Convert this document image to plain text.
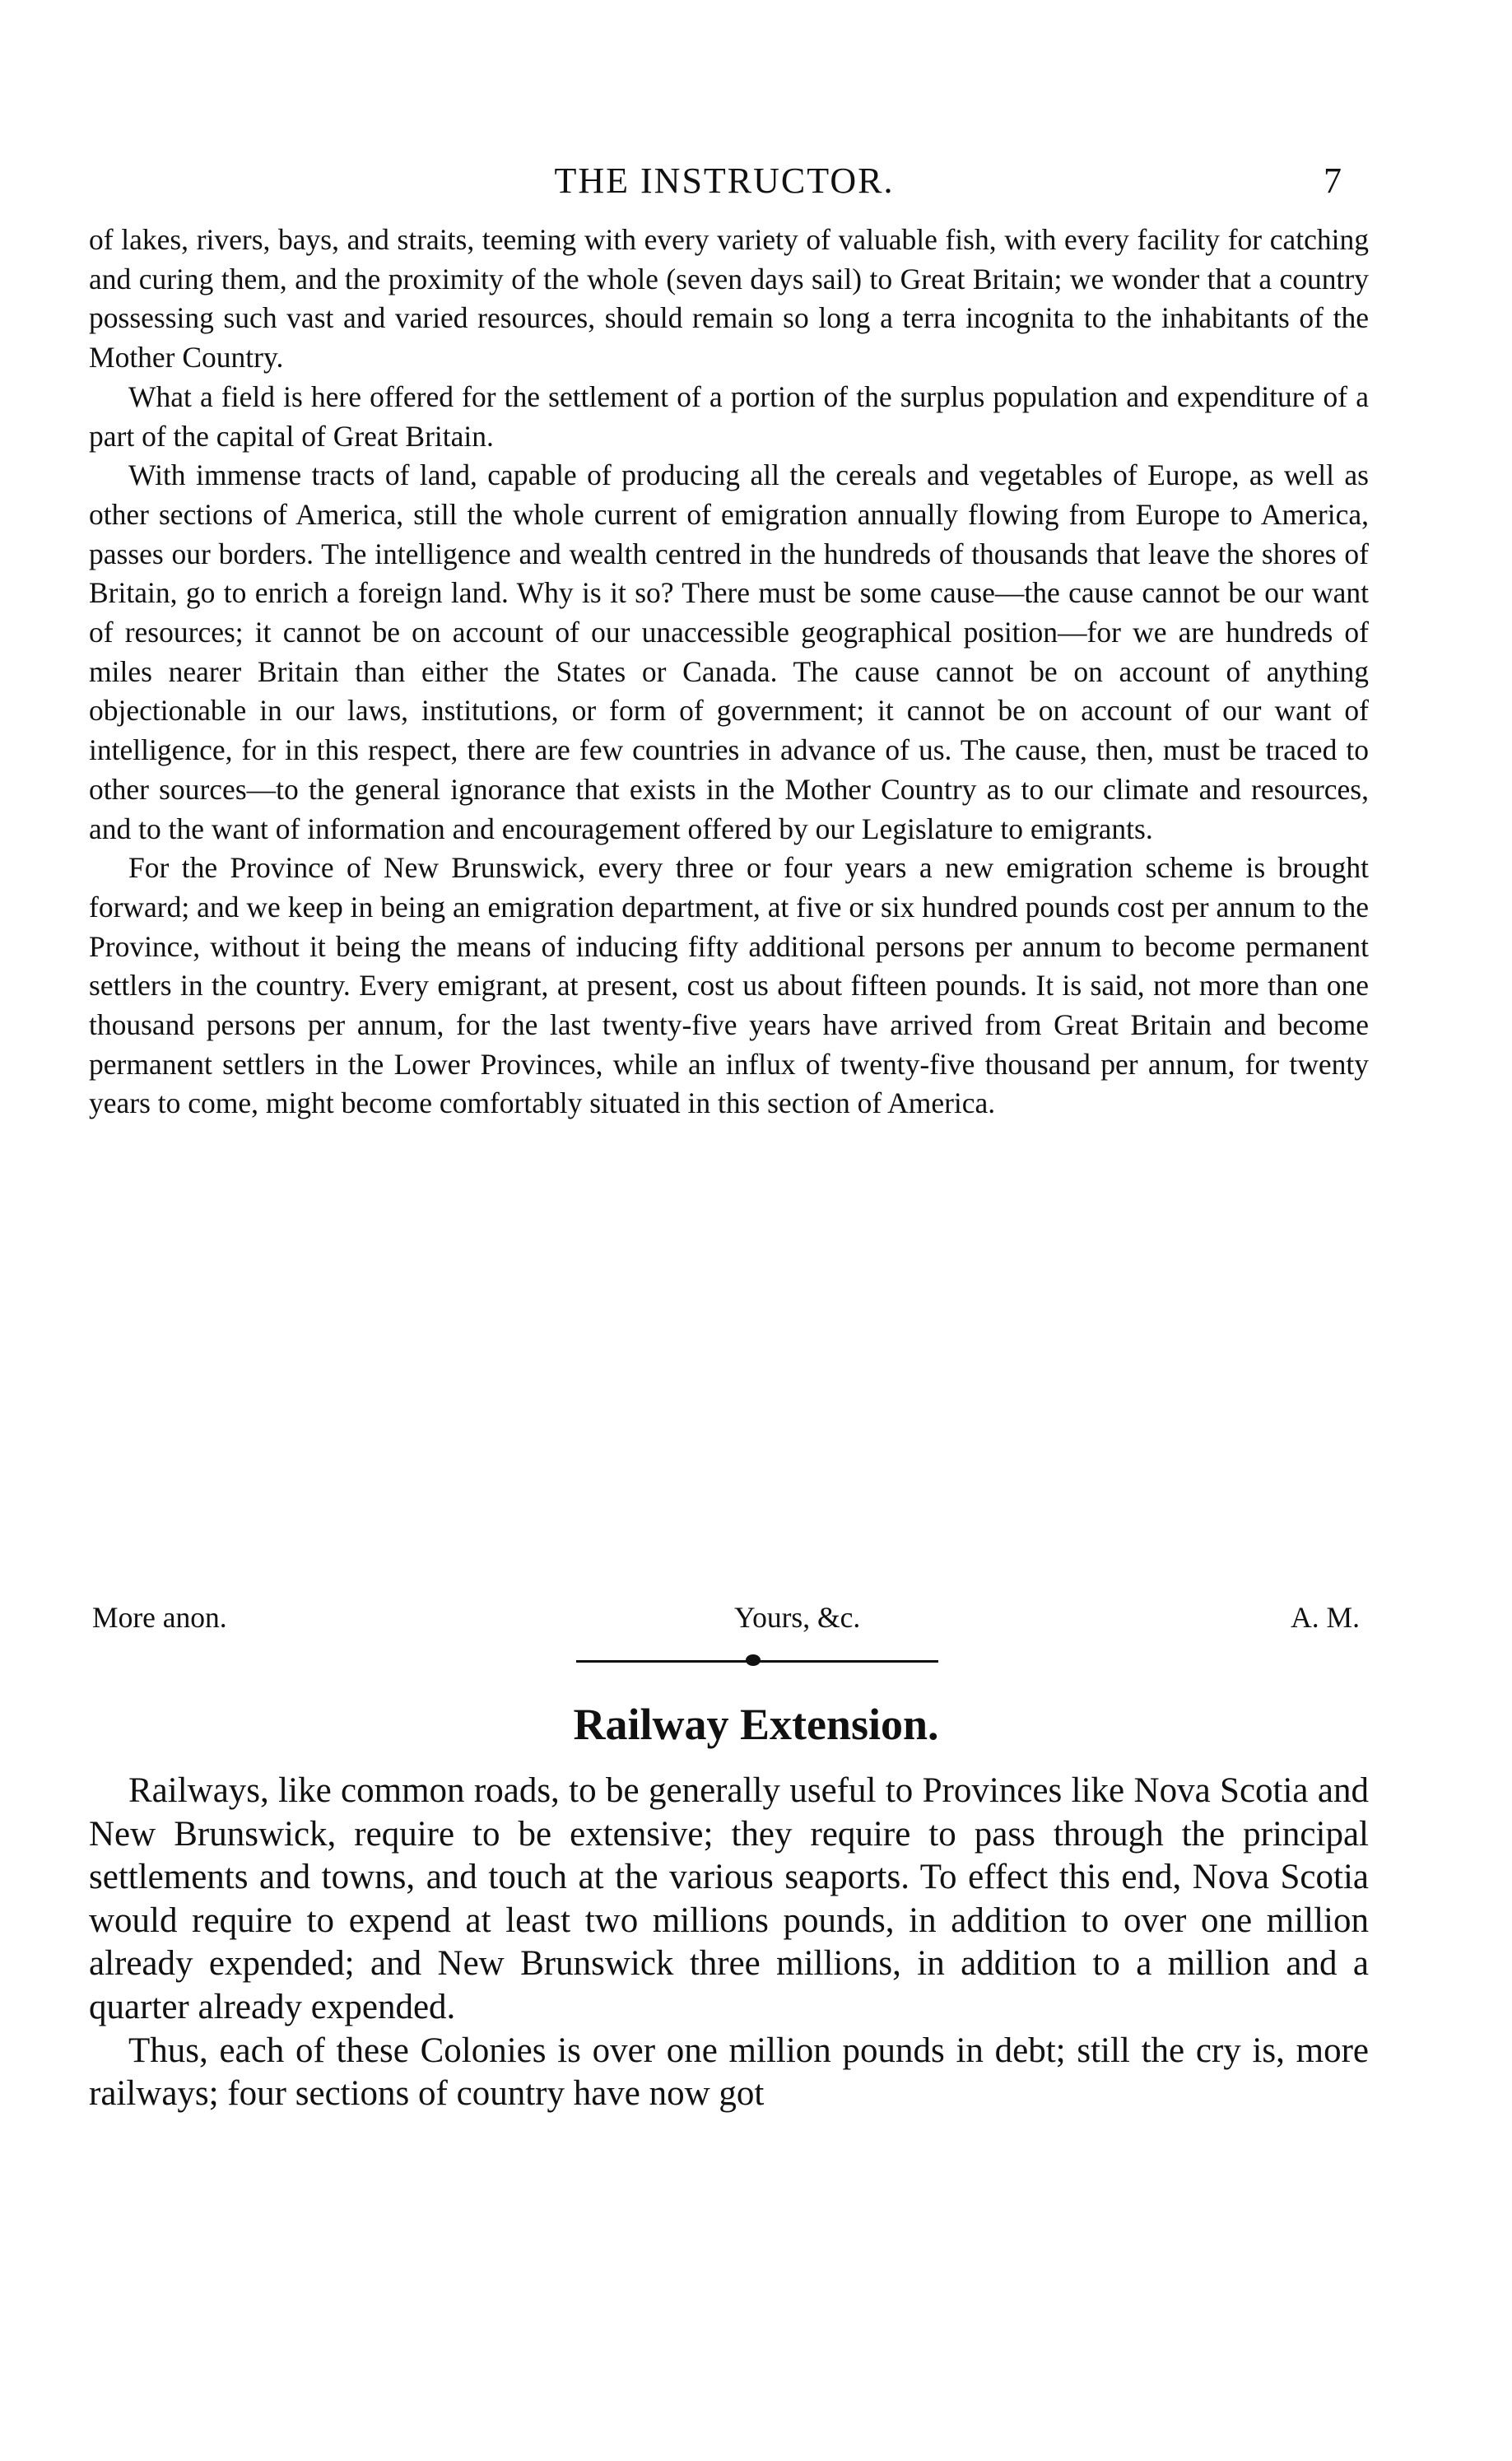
THE INSTRUCTOR.	7

of lakes, rivers, bays, and straits, teeming with every variety of valuable fish, with every facility for catching and curing them, and the proximity of the whole (seven days sail) to Great Britain; we wonder that a country possessing such vast and varied resources, should remain so long a terra incognita to the inhabitants of the Mother Country.

What a field is here offered for the settlement of a portion of the surplus population and expenditure of a part of the capital of Great Britain.

With immense tracts of land, capable of producing all the cereals and vegetables of Europe, as well as other sections of America, still the whole current of emigration annually flowing from Europe to America, passes our borders. The intelligence and wealth centred in the hundreds of thousands that leave the shores of Britain, go to enrich a foreign land. Why is it so? There must be some cause—the cause cannot be our want of resources; it cannot be on account of our unaccessible geographical position—for we are hundreds of miles nearer Britain than either the States or Canada. The cause cannot be on account of anything objectionable in our laws, institutions, or form of government; it cannot be on account of our want of intelligence, for in this respect, there are few countries in advance of us. The cause, then, must be traced to other sources—to the general ignorance that exists in the Mother Country as to our climate and resources, and to the want of information and encouragement offered by our Legislature to emigrants.

For the Province of New Brunswick, every three or four years a new emigration scheme is brought forward; and we keep in being an emigration department, at five or six hundred pounds cost per annum to the Province, without it being the means of inducing fifty additional persons per annum to become permanent settlers in the country. Every emigrant, at present, cost us about fifteen pounds. It is said, not more than one thousand persons per annum, for the last twenty-five years have arrived from Great Britain and become permanent settlers in the Lower Provinces, while an influx of twenty-five thousand per annum, for twenty years to come, might become comfortably situated in this section of America.

More anon.	Yours, &c.	A. M.
Railway Extension.

Railways, like common roads, to be generally useful to Provinces like Nova Scotia and New Brunswick, require to be extensive; they require to pass through the principal settlements and towns, and touch at the various seaports. To effect this end, Nova Scotia would require to expend at least two millions pounds, in addition to over one million already expended; and New Brunswick three millions, in addition to a million and a quarter already expended.

Thus, each of these Colonies is over one million pounds in debt; still the cry is, more railways; four sections of country have now got
